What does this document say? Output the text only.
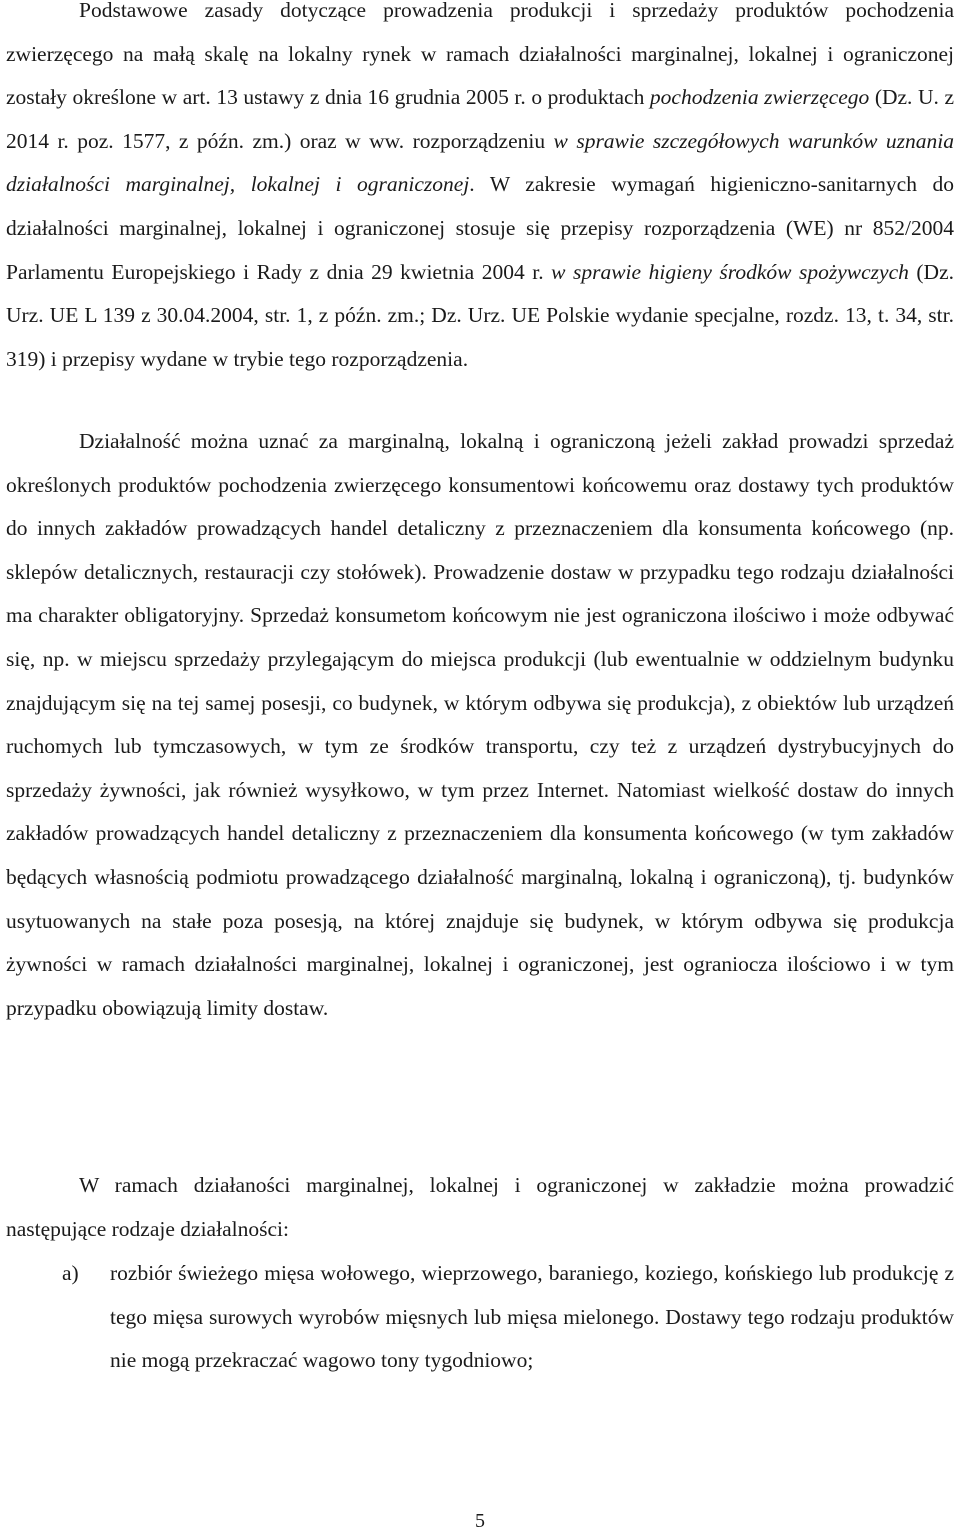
Podstawowe zasady dotyczące prowadzenia produkcji i sprzedaży produktów pochodzenia zwierzęcego na małą skalę na lokalny rynek w ramach działalności marginalnej, lokalnej i ograniczonej zostały określone w art. 13 ustawy z dnia 16 grudnia 2005 r. o produktach pochodzenia zwierzęcego (Dz. U. z 2014 r. poz. 1577, z późn. zm.) oraz w ww. rozporządzeniu w sprawie szczegółowych warunków uznania działalności marginalnej, lokalnej i ograniczonej. W zakresie wymagań higieniczno-sanitarnych do działalności marginalnej, lokalnej i ograniczonej stosuje się przepisy rozporządzenia (WE) nr 852/2004 Parlamentu Europejskiego i Rady z dnia 29 kwietnia 2004 r. w sprawie higieny środków spożywczych (Dz. Urz. UE L 139 z 30.04.2004, str. 1, z późn. zm.; Dz. Urz. UE Polskie wydanie specjalne, rozdz. 13, t. 34, str. 319) i przepisy wydane w trybie tego rozporządzenia.

Działalność można uznać za marginalną, lokalną i ograniczoną jeżeli zakład prowadzi sprzedaż określonych produktów pochodzenia zwierzęcego konsumentowi końcowemu oraz dostawy tych produktów do innych zakładów prowadzących handel detaliczny z przeznaczeniem dla konsumenta końcowego (np. sklepów detalicznych, restauracji czy stołówek). Prowadzenie dostaw w przypadku tego rodzaju działalności ma charakter obligatoryjny. Sprzedaż konsumetom końcowym nie jest ograniczona ilościwo i może odbywać się, np. w miejscu sprzedaży przylegającym do miejsca produkcji (lub ewentualnie w oddzielnym budynku znajdującym się na tej samej posesji, co budynek, w którym odbywa się produkcja), z obiektów lub urządzeń ruchomych lub tymczasowych, w tym ze środków transportu, czy też z urządzeń dystrybucyjnych do sprzedaży żywności, jak również wysyłkowo, w tym przez Internet. Natomiast wielkość dostaw do innych zakładów prowadzących handel detaliczny z przeznaczeniem dla konsumenta końcowego (w tym zakładów będących własnością podmiotu prowadzącego działalność marginalną, lokalną i ograniczoną), tj. budynków usytuowanych na stałe poza posesją, na której znajduje się budynek, w którym odbywa się produkcja żywności w ramach działalności marginalnej, lokalnej i ograniczonej, jest ograniocza ilościowo i w tym przypadku obowiązują limity dostaw.

W ramach działaności marginalnej, lokalnej i ograniczonej w zakładzie można prowadzić następujące rodzaje działalności:

a) rozbiór świeżego mięsa wołowego, wieprzowego, baraniego, koziego, końskiego lub produkcję z tego mięsa surowych wyrobów mięsnych lub mięsa mielonego. Dostawy tego rodzaju produktów nie mogą przekraczać wagowo tony tygodniowo;
5
